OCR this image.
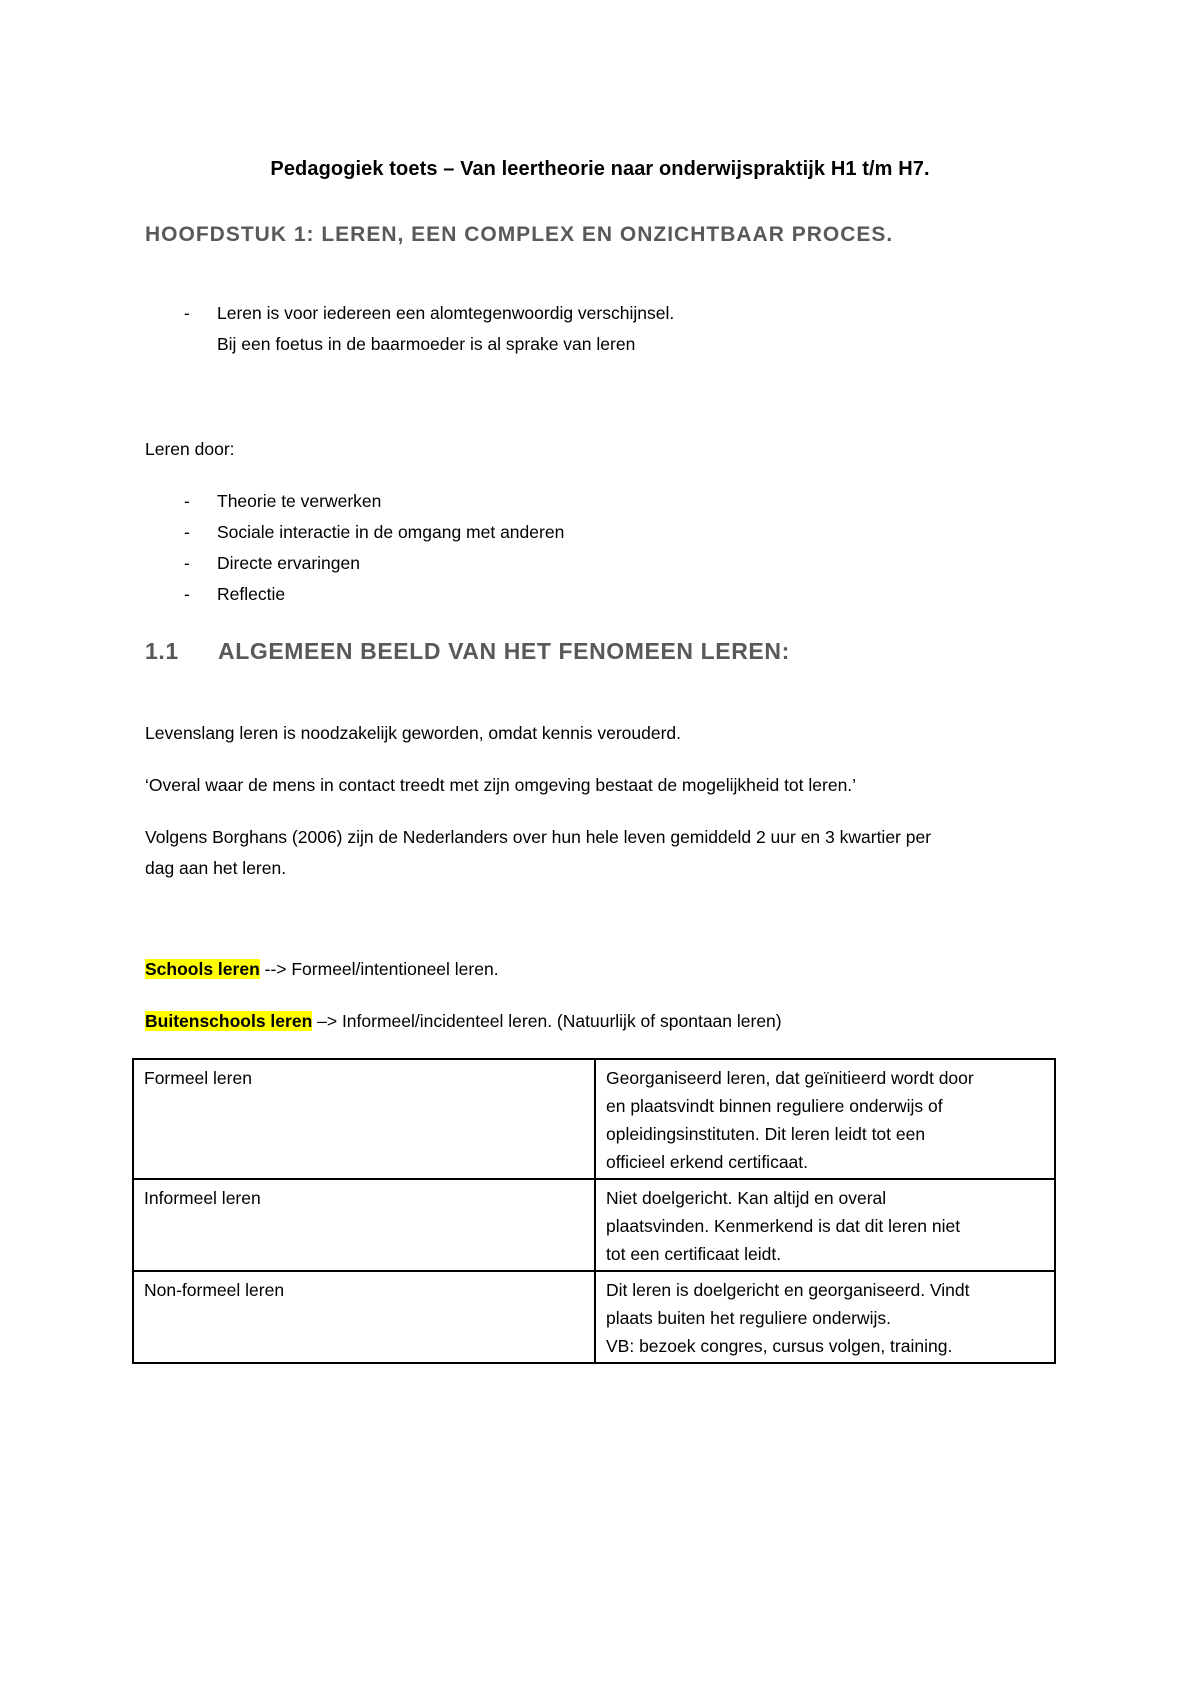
Pedagogiek toets – Van leertheorie naar onderwijspraktijk H1 t/m H7.
HOOFDSTUK 1: LEREN, EEN COMPLEX EN ONZICHTBAAR PROCES.
- Leren is voor iedereen een alomtegenwoordig verschijnsel.
Bij een foetus in de baarmoeder is al sprake van leren
Leren door:
- Theorie te verwerken
- Sociale interactie in de omgang met anderen
- Directe ervaringen
- Reflectie
1.1 ALGEMEEN BEELD VAN HET FENOMEEN LEREN:
Levenslang leren is noodzakelijk geworden, omdat kennis verouderd.
‘Overal waar de mens in contact treedt met zijn omgeving bestaat de mogelijkheid tot leren.’
Volgens Borghans (2006) zijn de Nederlanders over hun hele leven gemiddeld 2 uur en 3 kwartier per
dag aan het leren.
Schools leren --> Formeel/intentioneel leren.
Buitenschools leren –> Informeel/incidenteel leren. (Natuurlijk of spontaan leren)
Formeel leren	Georganiseerd leren, dat geïnitieerd wordt door
en plaatsvindt binnen reguliere onderwijs of
opleidingsinstituten. Dit leren leidt tot een
officieel erkend certificaat.

Informeel leren	Niet doelgericht. Kan altijd en overal
plaatsvinden. Kenmerkend is dat dit leren niet
tot een certificaat leidt.

Non-formeel leren	Dit leren is doelgericht en georganiseerd. Vindt
plaats buiten het reguliere onderwijs.
VB: bezoek congres, cursus volgen, training.
